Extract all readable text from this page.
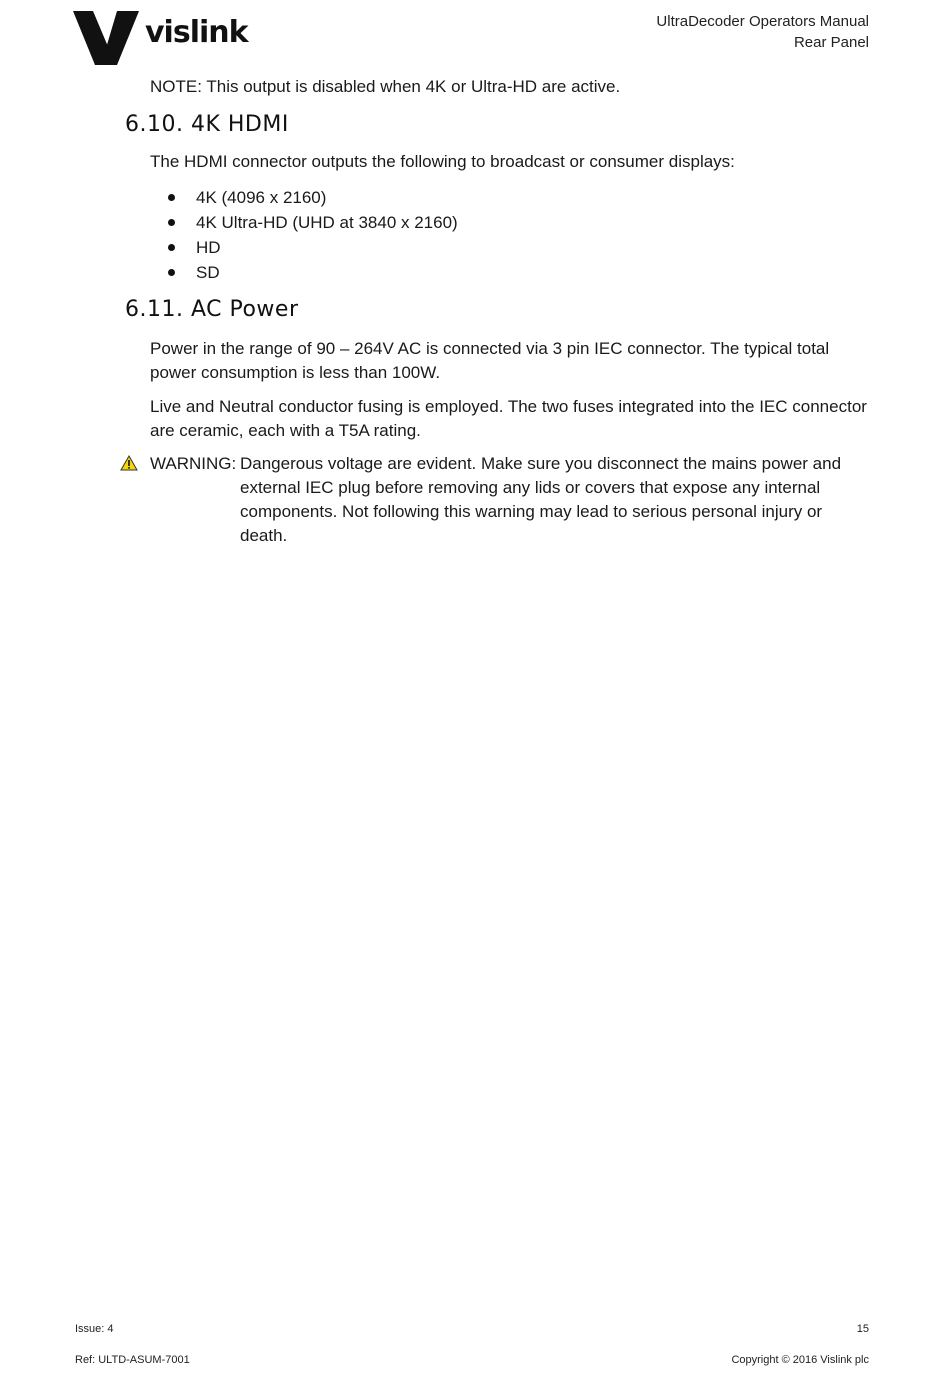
vislink	UltraDecoder Operators Manual
Rear Panel
NOTE: This output is disabled when 4K or Ultra-HD are active.
6.10. 4K HDMI
The HDMI connector outputs the following to broadcast or consumer displays:
4K (4096 x 2160)
4K Ultra-HD (UHD at 3840 x 2160)
HD
SD
6.11. AC Power
Power in the range of 90 – 264V AC is connected via 3 pin IEC connector. The typical total power consumption is less than 100W.
Live and Neutral conductor fusing is employed. The two fuses integrated into the IEC connector are ceramic, each with a T5A rating.
WARNING: Dangerous voltage are evident. Make sure you disconnect the mains power and external IEC plug before removing any lids or covers that expose any internal components. Not following this warning may lead to serious personal injury or death.
Issue: 4	15
Ref: ULTD-ASUM-7001	Copyright © 2016 Vislink plc
